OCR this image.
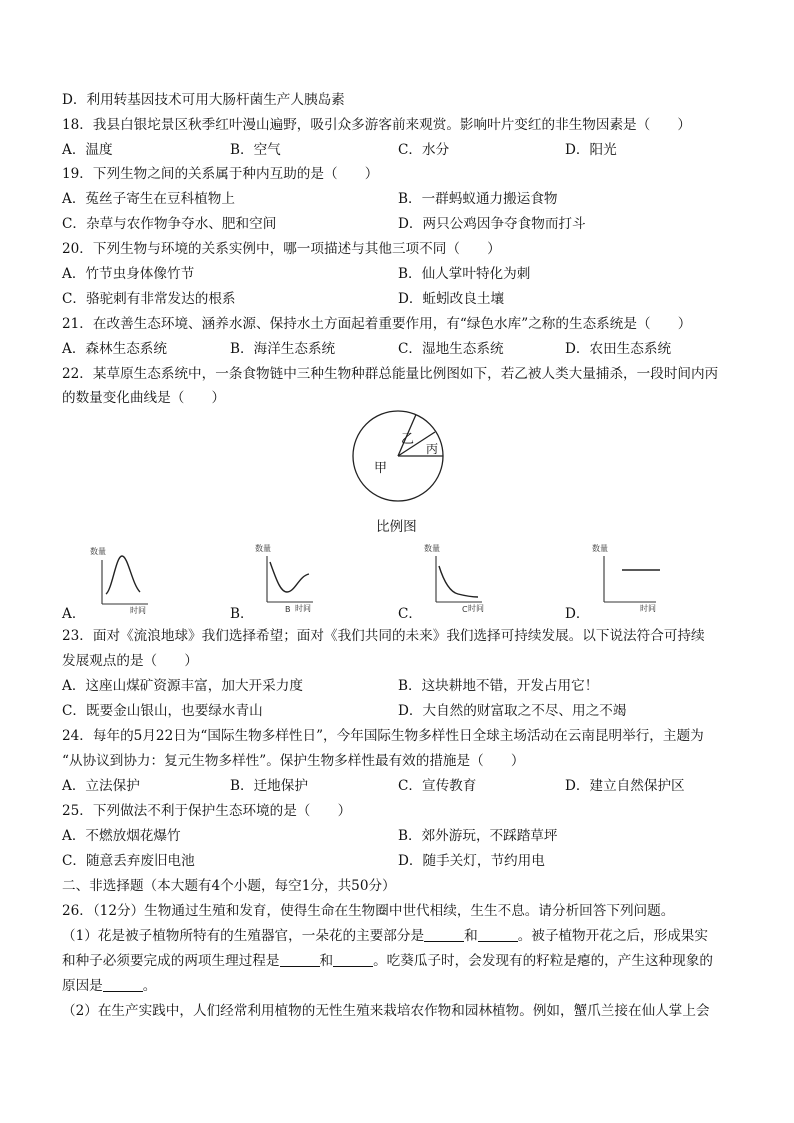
D．利用转基因技术可用大肠杆菌生产人胰岛素
18．我县白银坨景区秋季红叶漫山遍野，吸引众多游客前来观赏。影响叶片变红的非生物因素是（　　）
A．温度	B．空气	C．水分	D．阳光
19．下列生物之间的关系属于种内互助的是（　　）
A．菟丝子寄生在豆科植物上	B．一群蚂蚁通力搬运食物
C．杂草与农作物争夺水、肥和空间	D．两只公鸡因争夺食物而打斗
20．下列生物与环境的关系实例中，哪一项描述与其他三项不同（　　）
A．竹节虫身体像竹节	B．仙人掌叶特化为刺
C．骆驼刺有非常发达的根系	D．蚯蚓改良土壤
21．在改善生态环境、涵养水源、保持水土方面起着重要作用，有“绿色水库”之称的生态系统是（　　）
A．森林生态系统	B．海洋生态系统	C．湿地生态系统	D．农田生态系统
22．某草原生态系统中，一条食物链中三种生物种群总能量比例图如下，若乙被人类大量捕杀，一段时间内丙
的数量变化曲线是（　　）
甲
乙
丙
比例图
数量
时间
数量
时间
B
数量
时间
C
数量
时间
A．	B．	C．	D．
23．面对《流浪地球》我们选择希望；面对《我们共同的未来》我们选择可持续发展。以下说法符合可持续
发展观点的是（　　）
A．这座山煤矿资源丰富，加大开采力度	B．这块耕地不错，开发占用它！
C．既要金山银山，也要绿水青山	D．大自然的财富取之不尽、用之不竭
24．每年的5月22日为“国际生物多样性日”，今年国际生物多样性日全球主场活动在云南昆明举行，主题为
“从协议到协力：复元生物多样性”。保护生物多样性最有效的措施是（　　）
A．立法保护	B．迁地保护	C．宣传教育	D．建立自然保护区
25．下列做法不利于保护生态环境的是（　　）
A．不燃放烟花爆竹	B．郊外游玩，不踩踏草坪
C．随意丢弃废旧电池	D．随手关灯，节约用电
二、非选择题（本大题有4个小题，每空1分，共50分）
26．（12分）生物通过生殖和发育，使得生命在生物圈中世代相续，生生不息。请分析回答下列问题。
（1）花是被子植物所特有的生殖器官，一朵花的主要部分是	和	。被子植物开花之后，形成果实
和种子必须要完成的两项生理过程是	和	。吃葵瓜子时，会发现有的籽粒是瘪的，产生这种现象的
原因是	。
（2）在生产实践中，人们经常利用植物的无性生殖来栽培农作物和园林植物。例如，蟹爪兰接在仙人掌上会
